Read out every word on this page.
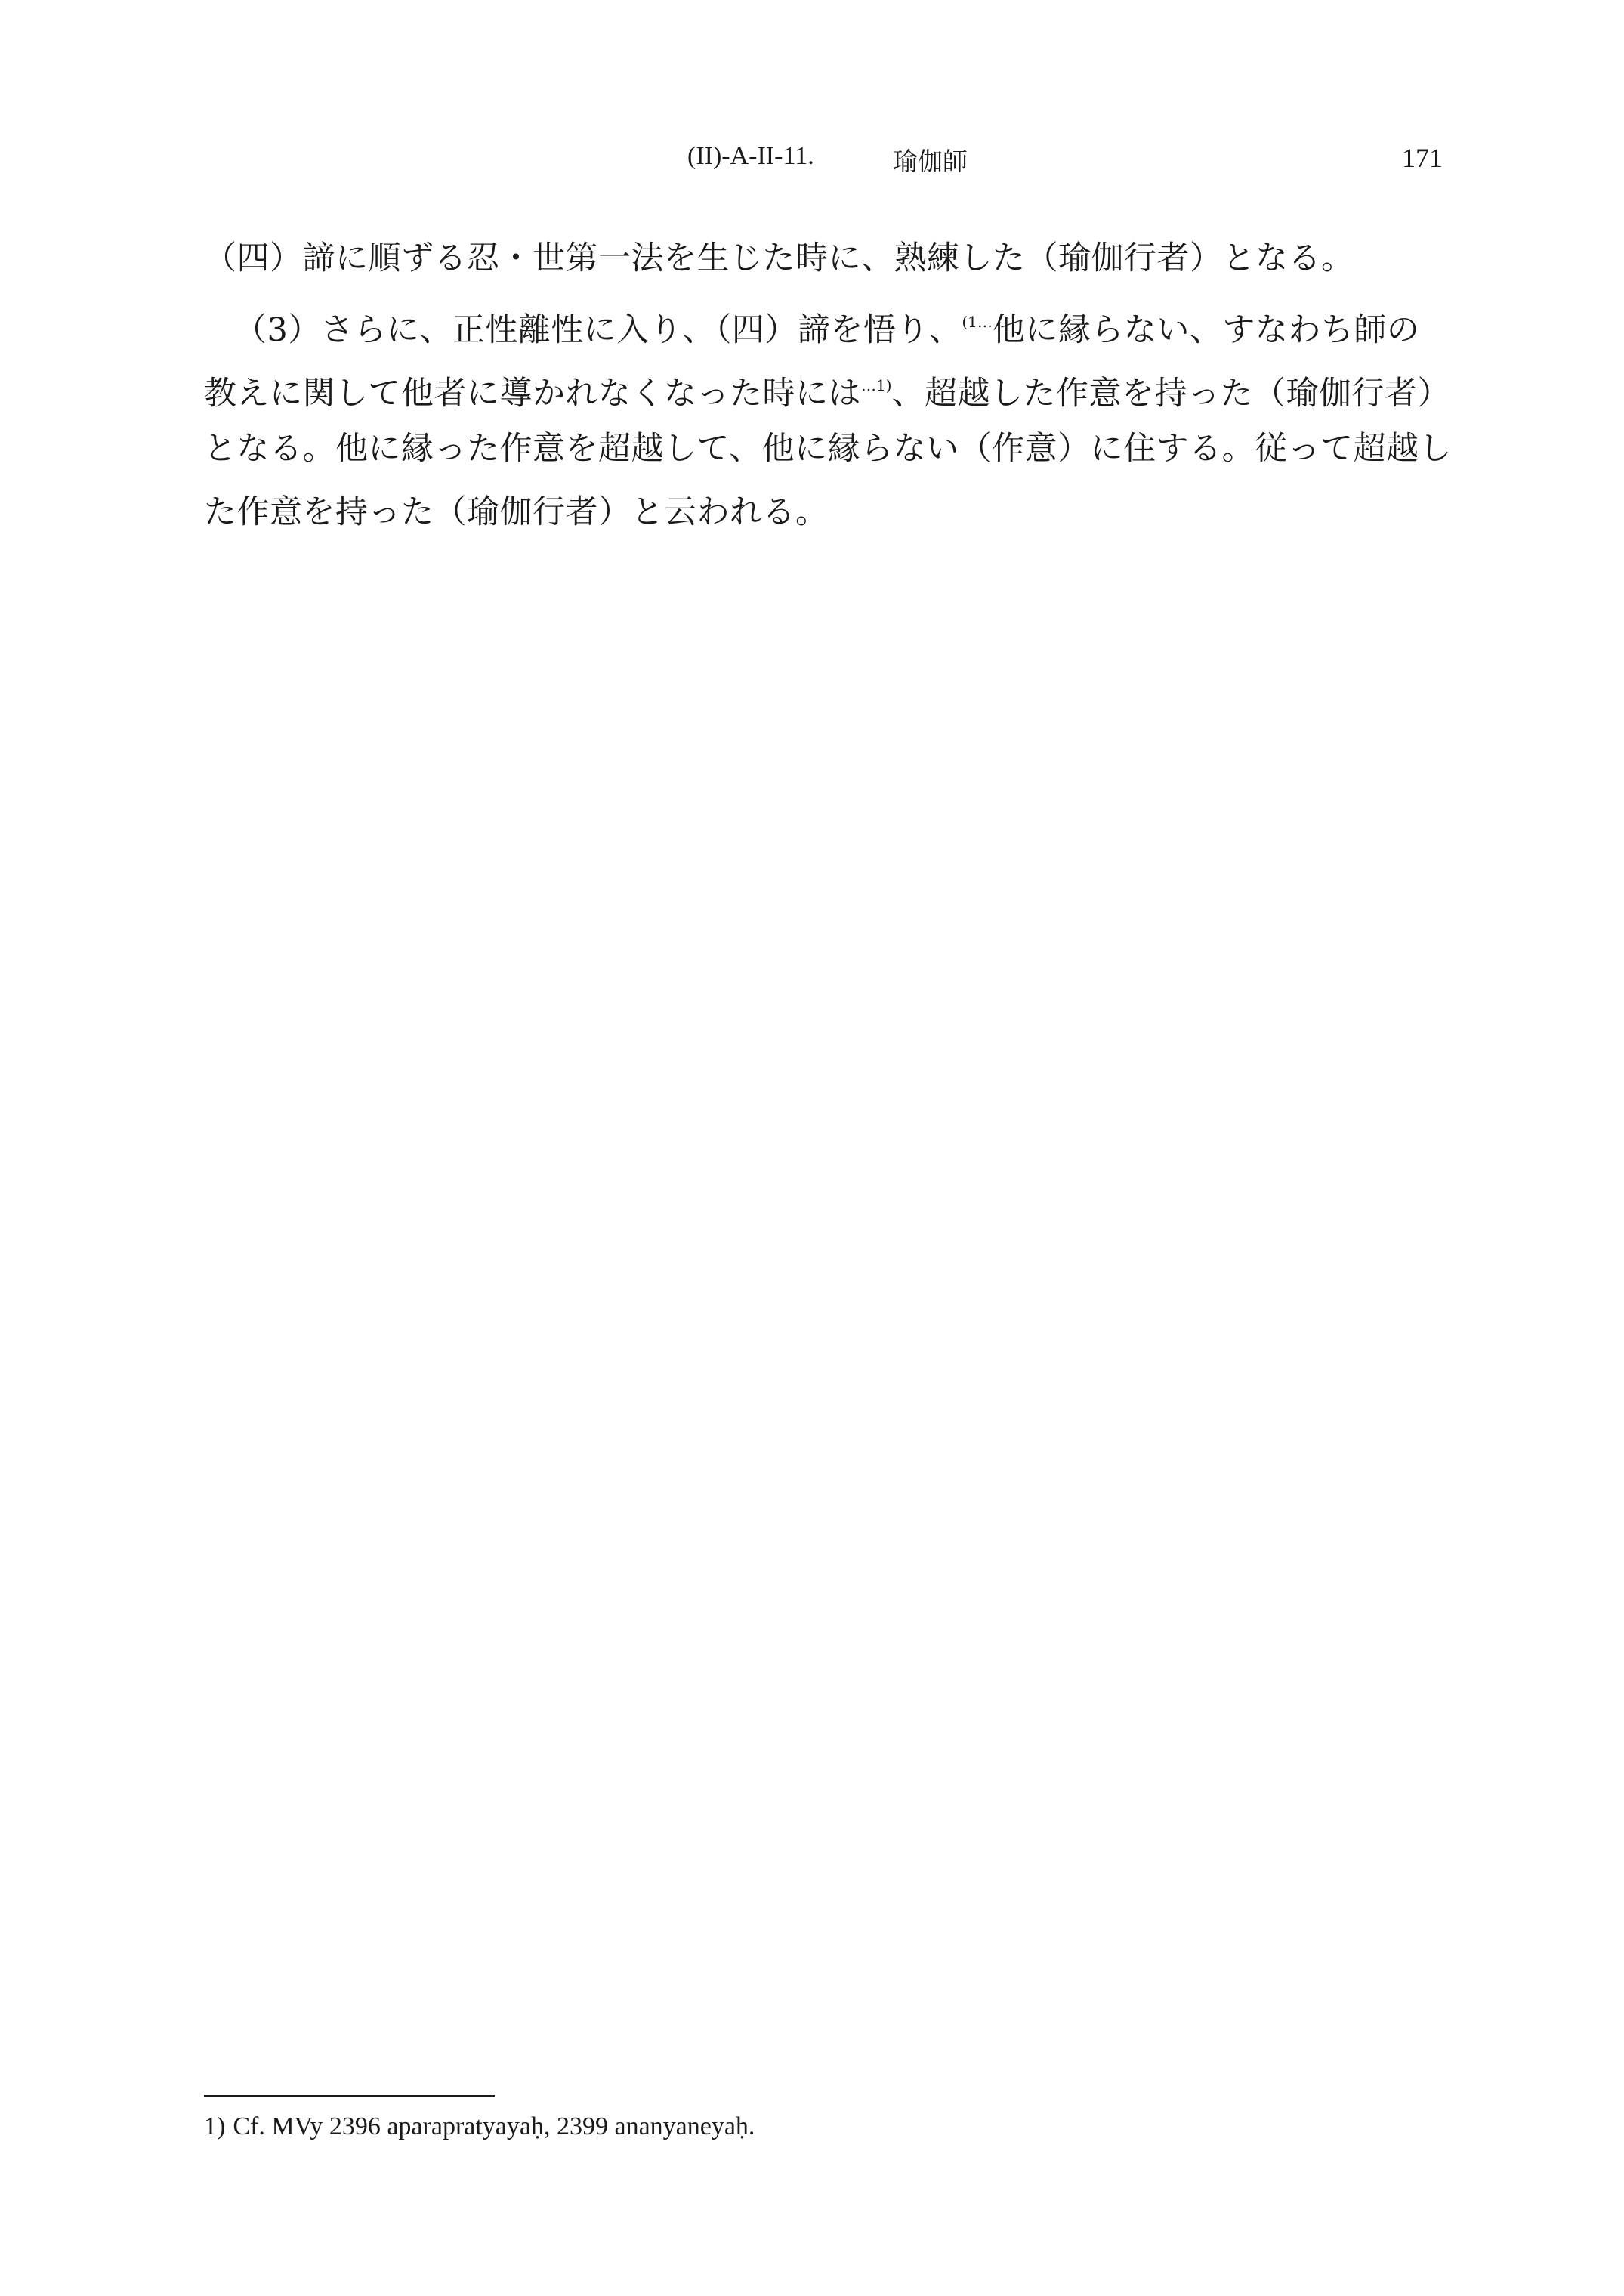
(II)-A-II-11.	瑜伽師	171
（四）諦に順ずる忍・世第一法を生じた時に、熟練した（瑜伽行者）となる。
（3）さらに、正性離性に入り、（四）諦を悟り、$^{(1\dots}$他に縁らない、すなわち師の
教えに関して他者に導かれなくなった時には$^{\dots 1)}$、超越した作意を持った（瑜伽行者）
となる。他に縁った作意を超越して、他に縁らない（作意）に住する。従って超越し
た作意を持った（瑜伽行者）と云われる。
1) Cf. MVy 2396 aparapratyayaḥ, 2399 ananyaneyaḥ.
